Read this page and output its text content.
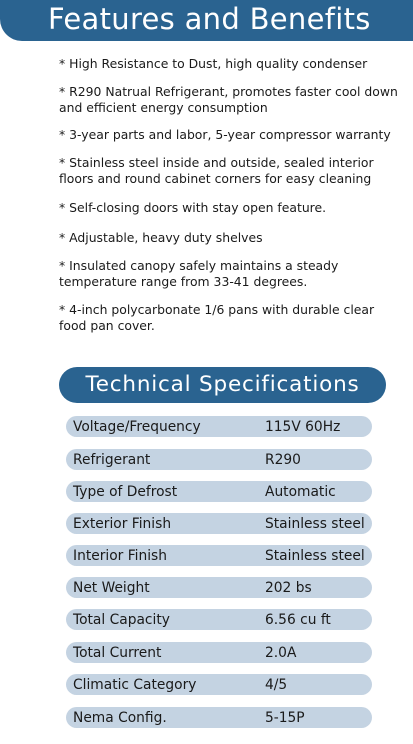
Features and Benefits
* High Resistance to Dust, high quality condenser
* R290 Natrual Refrigerant, promotes faster cool down and efficient energy consumption
* 3-year parts and labor, 5-year compressor warranty
* Stainless steel inside and outside, sealed interior floors and round cabinet corners for easy cleaning
* Self-closing doors with stay open feature.
* Adjustable, heavy duty shelves
* Insulated canopy safely maintains a steady temperature range from 33-41 degrees.
* 4-inch polycarbonate 1/6 pans with durable clear food pan cover.
Technical Specifications
Voltage/Frequency	115V 60Hz
Refrigerant	R290
Type of Defrost	Automatic
Exterior Finish	Stainless steel
Interior Finish	Stainless steel
Net Weight	202 bs
Total Capacity	6.56 cu ft
Total Current	2.0A
Climatic Category	4/5
Nema Config.	5-15P
